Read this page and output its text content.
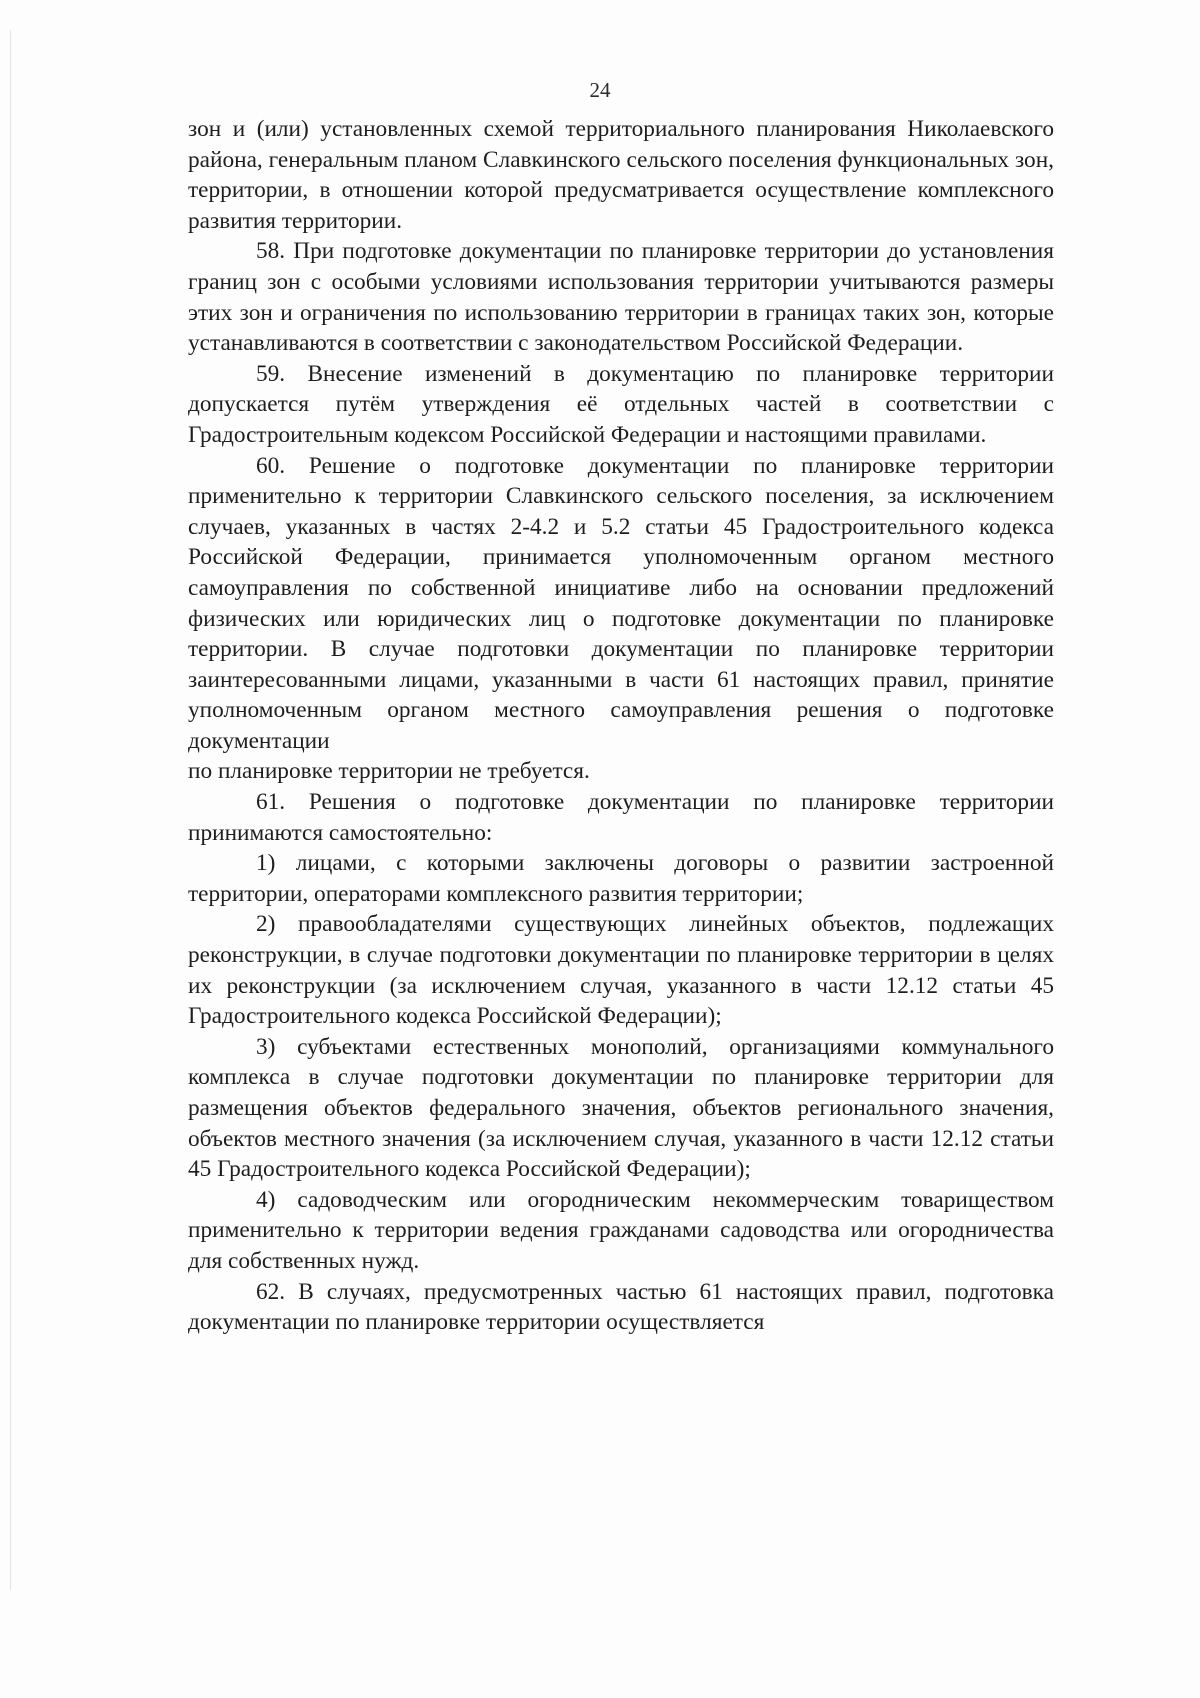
24

зон и (или) установленных схемой территориального планирования Николаевского района, генеральным планом Славкинского сельского поселения функциональных зон, территории, в отношении которой предусматривается осуществление комплексного развития территории.

58. При подготовке документации по планировке территории до установления границ зон с особыми условиями использования территории учитываются размеры этих зон и ограничения по использованию территории в границах таких зон, которые устанавливаются в соответствии с законодательством Российской Федерации.

59. Внесение изменений в документацию по планировке территории допускается путём утверждения её отдельных частей в соответствии с Градостроительным кодексом Российской Федерации и настоящими правилами.

60. Решение о подготовке документации по планировке территории применительно к территории Славкинского сельского поселения, за исключением случаев, указанных в частях 2-4.2 и 5.2 статьи 45 Градостроительного кодекса Российской Федерации, принимается уполномоченным органом местного самоуправления по собственной инициативе либо на основании предложений физических или юридических лиц о подготовке документации по планировке территории. В случае подготовки документации по планировке территории заинтересованными лицами, указанными в части 61 настоящих правил, принятие уполномоченным органом местного самоуправления решения о подготовке документации

по планировке территории не требуется.

61. Решения о подготовке документации по планировке территории принимаются самостоятельно:

1) лицами, с которыми заключены договоры о развитии застроенной территории, операторами комплексного развития территории;

2) правообладателями существующих линейных объектов, подлежащих реконструкции, в случае подготовки документации по планировке территории в целях их реконструкции (за исключением случая, указанного в части 12.12 статьи 45 Градостроительного кодекса Российской Федерации);

3) субъектами естественных монополий, организациями коммунального комплекса в случае подготовки документации по планировке территории для размещения объектов федерального значения, объектов регионального значения, объектов местного значения (за исключением случая, указанного в части 12.12 статьи 45 Градостроительного кодекса Российской Федерации);

4) садоводческим или огородническим некоммерческим товариществом применительно к территории ведения гражданами садоводства или огородничества для собственных нужд.

62. В случаях, предусмотренных частью 61 настоящих правил, подготовка документации по планировке территории осуществляется
